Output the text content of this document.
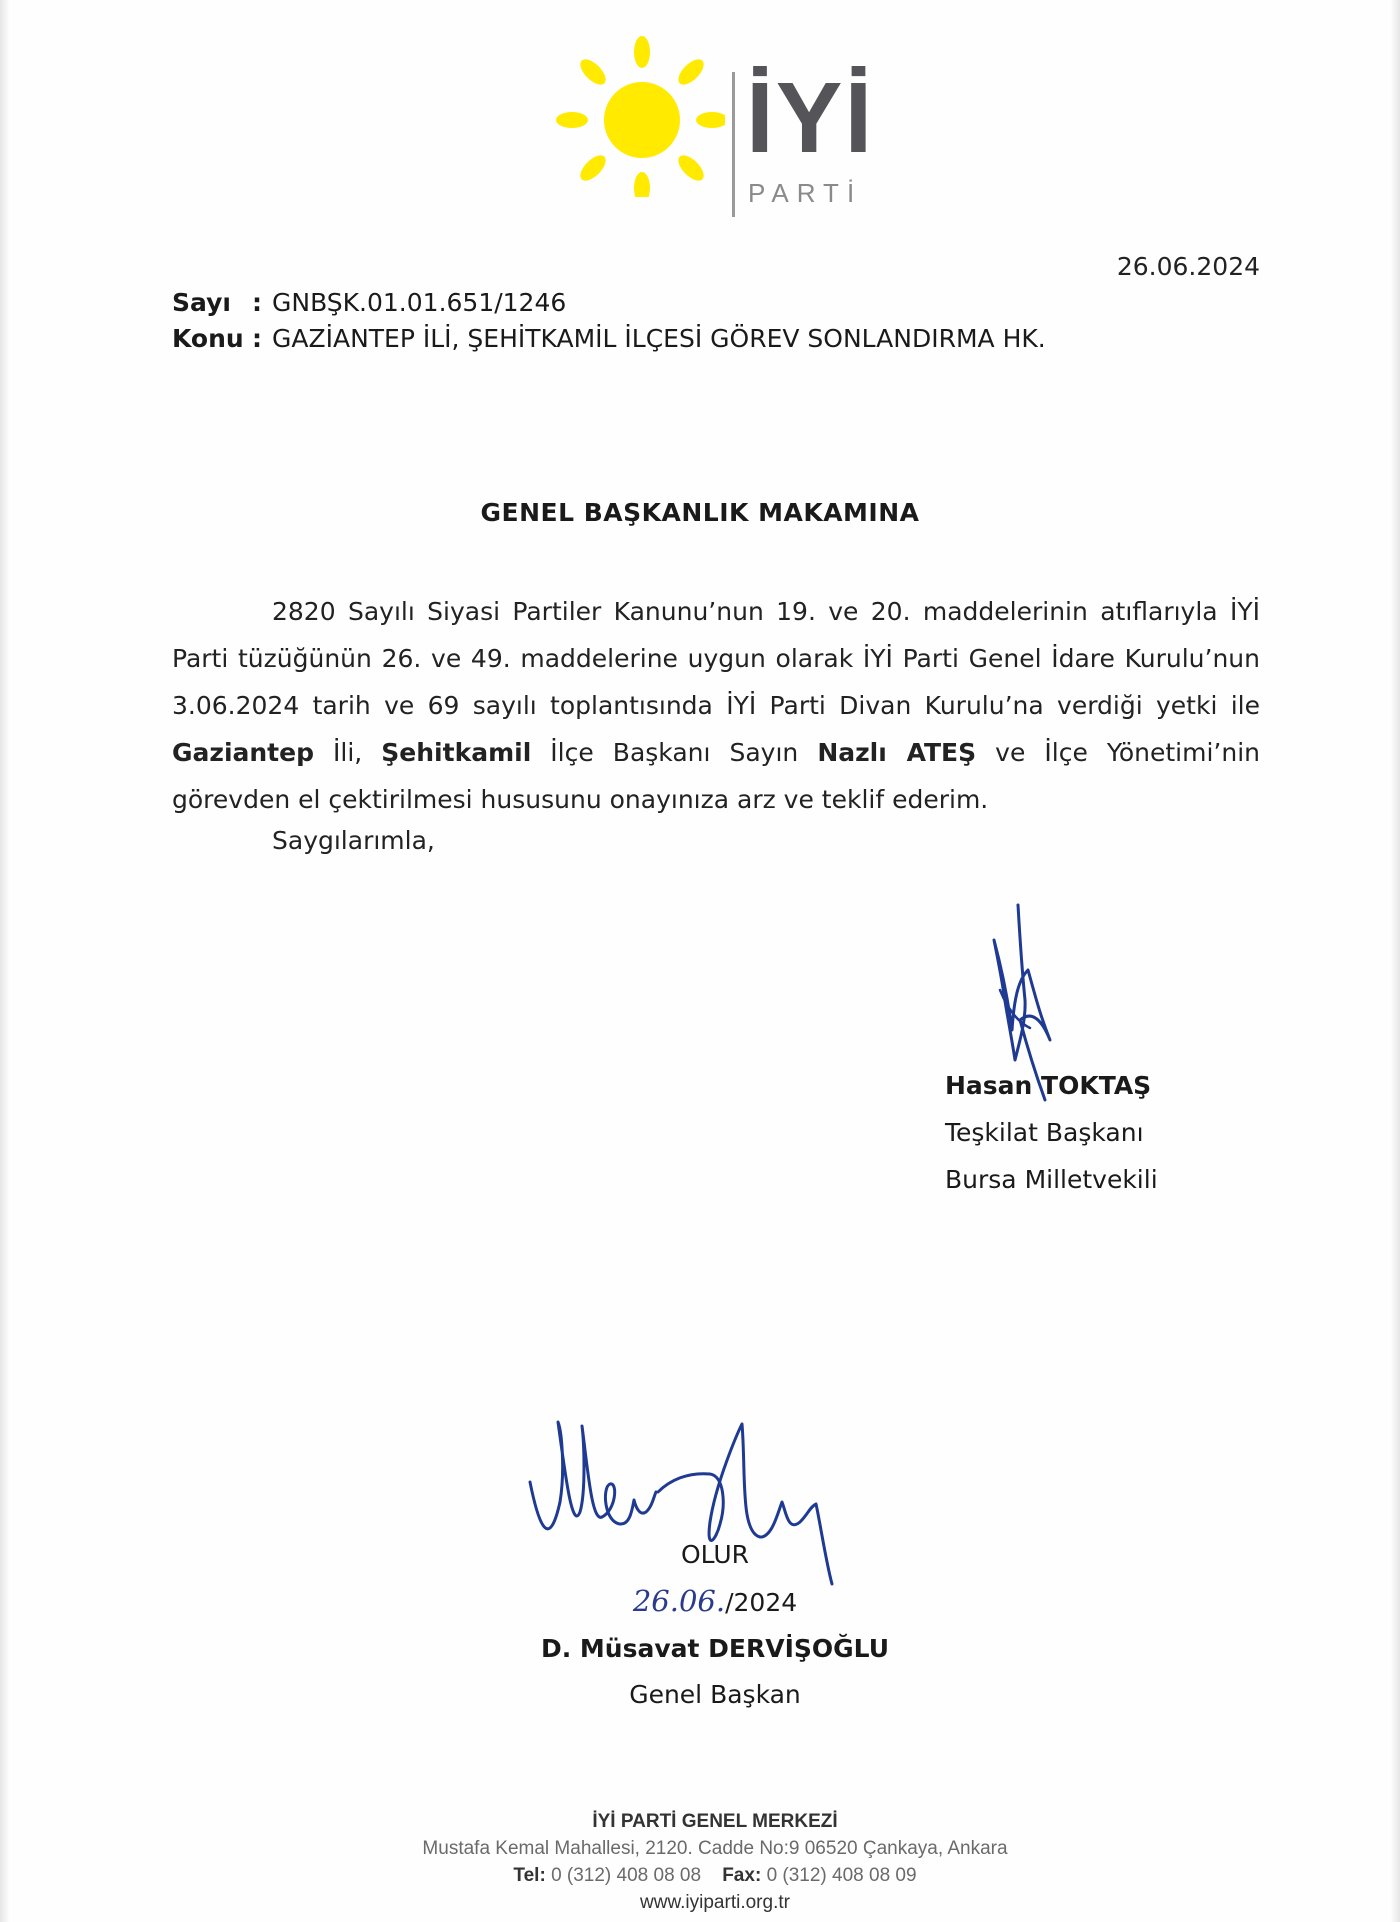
İYİ
PARTİ
26.06.2024
Sayı : GNBŞK.01.01.651/1246
Konu : GAZİANTEP İLİ, ŞEHİTKAMİL İLÇESİ GÖREV SONLANDIRMA HK.
GENEL BAŞKANLIK MAKAMINA

2820 Sayılı Siyasi Partiler Kanunu’nun 19. ve 20. maddelerinin atıflarıyla İYİ Parti tüzüğünün 26. ve 49. maddelerine uygun olarak İYİ Parti Genel İdare Kurulu’nun 3.06.2024 tarih ve 69 sayılı toplantısında İYİ Parti Divan Kurulu’na verdiği yetki ile Gaziantep İli, Şehitkamil İlçe Başkanı Sayın Nazlı ATEŞ ve İlçe Yönetimi’nin görevden el çektirilmesi hususunu onayınıza arz ve teklif ederim.

Saygılarımla,
Hasan TOKTAŞ
Teşkilat Başkanı
Bursa Milletvekili
OLUR
26.06./2024
D. Müsavat DERVİŞOĞLU
Genel Başkan
İYİ PARTİ GENEL MERKEZİ
Mustafa Kemal Mahallesi, 2120. Cadde No:9 06520 Çankaya, Ankara
Tel: 0 (312) 408 08 08 Fax: 0 (312) 408 08 09
www.iyiparti.org.tr
